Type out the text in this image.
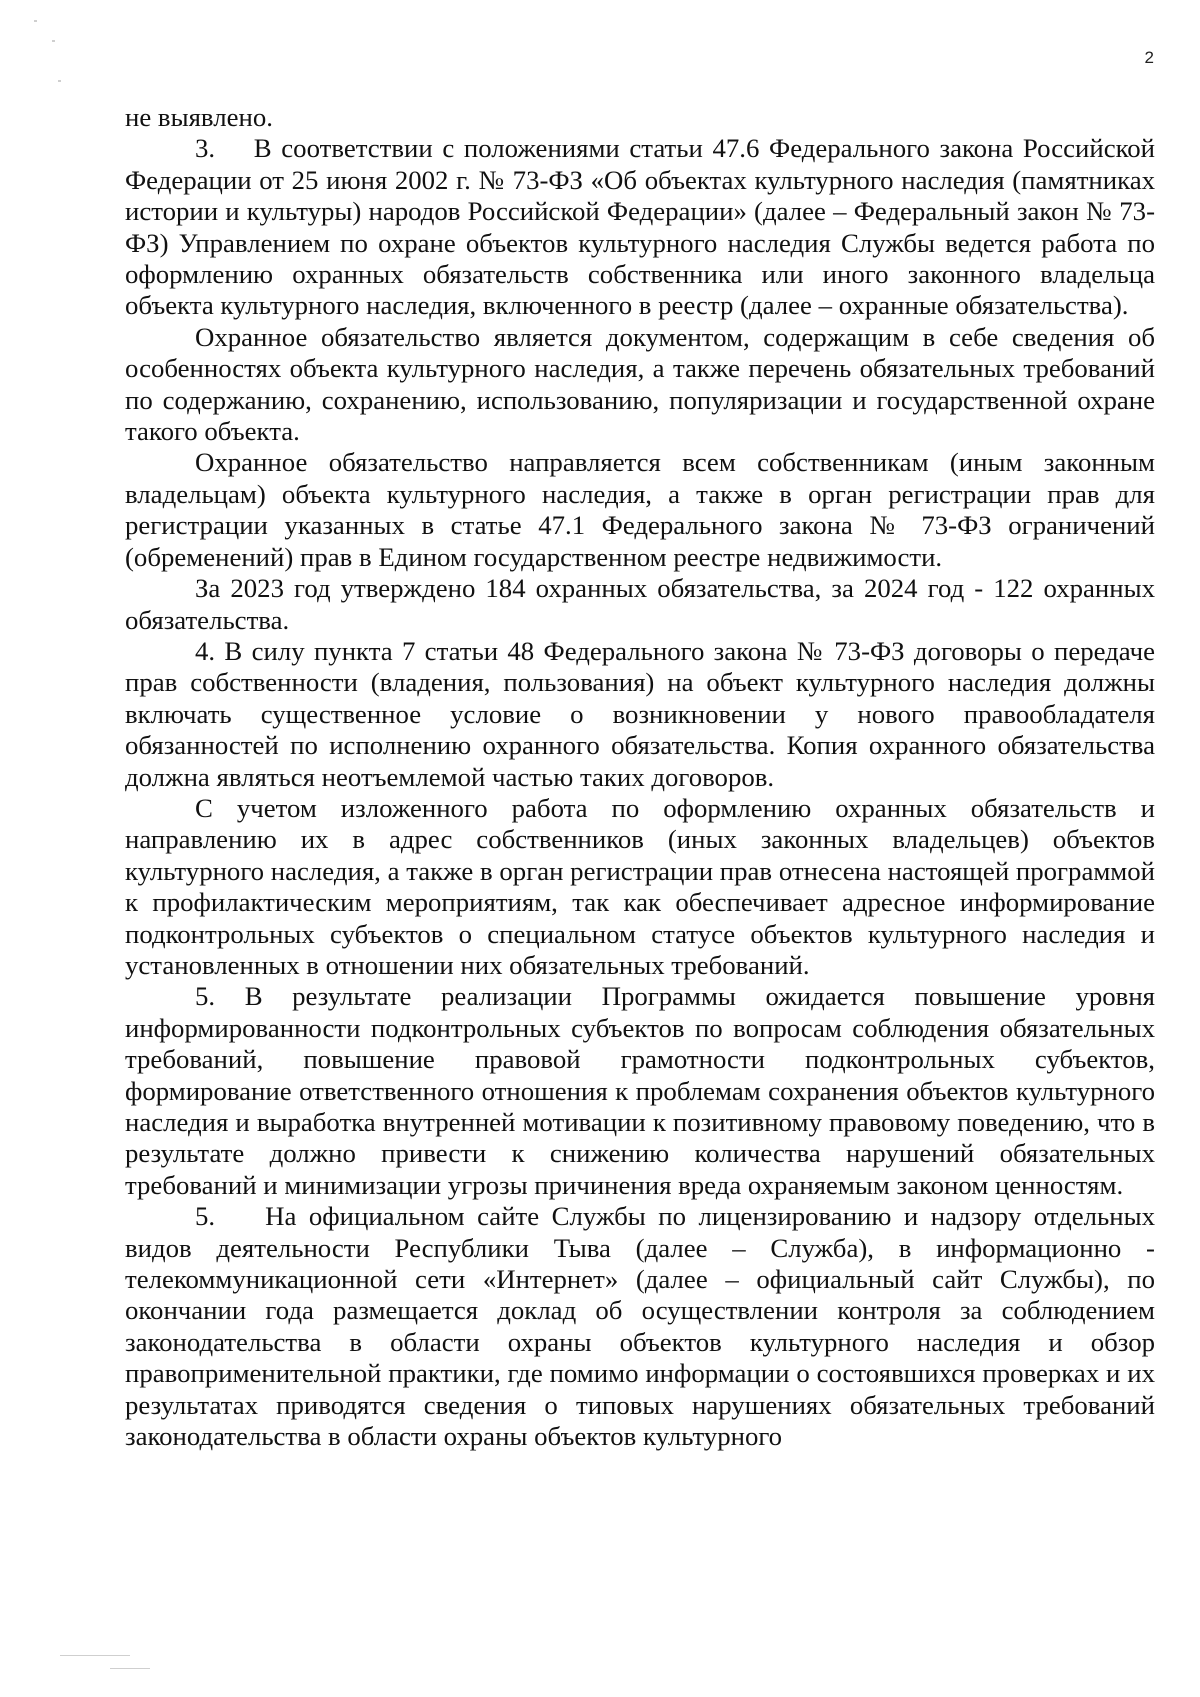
2

не выявлено.

3.    В соответствии с положениями статьи 47.6 Федерального закона Российской Федерации от 25 июня 2002 г. № 73-ФЗ «Об объектах культурного наследия (памятниках истории и культуры) народов Российской Федерации» (далее – Федеральный закон № 73-ФЗ) Управлением по охране объектов культурного наследия Службы ведется работа по оформлению охранных обязательств собственника или иного законного владельца объекта культурного наследия, включенного в реестр (далее – охранные обязательства).

Охранное обязательство является документом, содержащим в себе сведения об особенностях объекта культурного наследия, а также перечень обязательных требований по содержанию, сохранению, использованию, популяризации и государственной охране такого объекта.

Охранное обязательство направляется всем собственникам (иным законным владельцам) объекта культурного наследия, а также в орган регистрации прав для регистрации указанных в статье 47.1 Федерального закона № 73-ФЗ ограничений (обременений) прав в Едином государственном реестре недвижимости.

За 2023 год утверждено 184 охранных обязательства, за 2024 год - 122 охранных обязательства.

4. В силу пункта 7 статьи 48 Федерального закона № 73-ФЗ договоры о передаче прав собственности (владения, пользования) на объект культурного наследия должны включать существенное условие о возникновении у нового правообладателя обязанностей по исполнению охранного обязательства. Копия охранного обязательства должна являться неотъемлемой частью таких договоров.

С учетом изложенного работа по оформлению охранных обязательств и направлению их в адрес собственников (иных законных владельцев) объектов культурного наследия, а также в орган регистрации прав отнесена настоящей программой к профилактическим мероприятиям, так как обеспечивает адресное информирование подконтрольных субъектов о специальном статусе объектов культурного наследия и установленных в отношении них обязательных требований.

5. В результате реализации Программы ожидается повышение уровня информированности подконтрольных субъектов по вопросам соблюдения обязательных требований, повышение правовой грамотности подконтрольных субъектов, формирование ответственного отношения к проблемам сохранения объектов культурного наследия и выработка внутренней мотивации к позитивному правовому поведению, что в результате должно привести к снижению количества нарушений обязательных требований и минимизации угрозы причинения вреда охраняемым законом ценностям.

5.    На официальном сайте Службы по лицензированию и надзору отдельных видов деятельности Республики Тыва (далее – Служба), в информационно - телекоммуникационной сети «Интернет» (далее – официальный сайт Службы), по окончании года размещается доклад об осуществлении контроля за соблюдением законодательства в области охраны объектов культурного наследия и обзор правоприменительной практики, где помимо информации о состоявшихся проверках и их результатах приводятся сведения о типовых нарушениях обязательных требований законодательства в области охраны объектов культурного
